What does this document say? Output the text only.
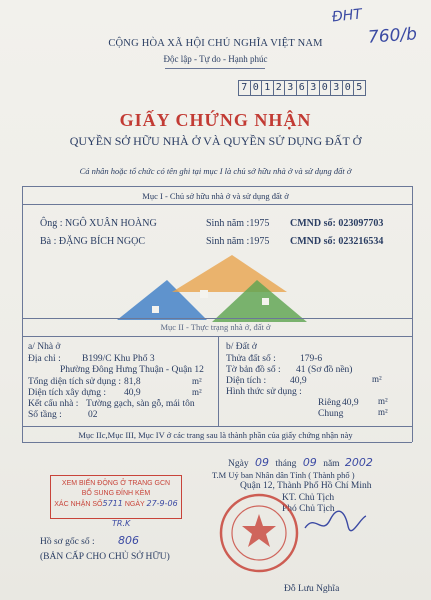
ĐHT
760/b
CỘNG HÒA XÃ HỘI CHỦ NGHĨA VIỆT NAM
Độc lập - Tự do - Hạnh phúc
7 0 1 2 3 6 3 0 3 0 5
GIẤY CHỨNG NHẬN
QUYỀN SỞ HỮU NHÀ Ở VÀ QUYỀN SỬ DỤNG ĐẤT Ở
Cá nhân hoặc tổ chức có tên ghi tại mục I là chủ sở hữu nhà ở và sử dụng đất ở
Mục I - Chủ sở hữu nhà ở và sử dụng đất ở
Ông : NGÔ XUÂN HOÀNG	Sinh năm :1975 CMND số: 023097703
Bà : ĐẶNG BÍCH NGỌC	Sinh năm :1975 CMND số: 023216534
Mục II - Thực trạng nhà ở, đất ở
a/ Nhà ở
Địa chỉ : B199/C Khu Phố 3
Phường Đông Hưng Thuận - Quận 12
Tổng diện tích sử dụng : 81,8	m²
Diện tích xây dựng : 40,9	m²
Kết cấu nhà : Tường gạch, sàn gỗ, mái tôn
Số tầng :	02
b/ Đất ở
Thửa đất số :	179-6
Tờ bản đồ số : 41 (Sơ đồ nền)
Diện tích :	40,9	m²
Hình thức sử dụng :
Riêng 40,9 m²
Chung	m²
Mục IIc,Mục III, Mục IV ở các trang sau là thành phần của giấy chứng nhận này
Ngày 09 tháng 09 năm 2002
T.M Uỷ ban Nhân dân Tỉnh ( Thành phố )
Quận 12, Thành Phố Hồ Chí Minh
KT. Chủ Tịch
Phó Chủ Tịch
Đỗ Lưu Nghĩa
XEM BIẾN ĐỘNG Ở TRANG GCN
BỔ SUNG ĐÍNH KÈM
XÁC NHẬN SỐ5711 NGÀY 27-9-06
TR.K
Hồ sơ gốc số : 806
(BẢN CẤP CHO CHỦ SỞ HỮU)
